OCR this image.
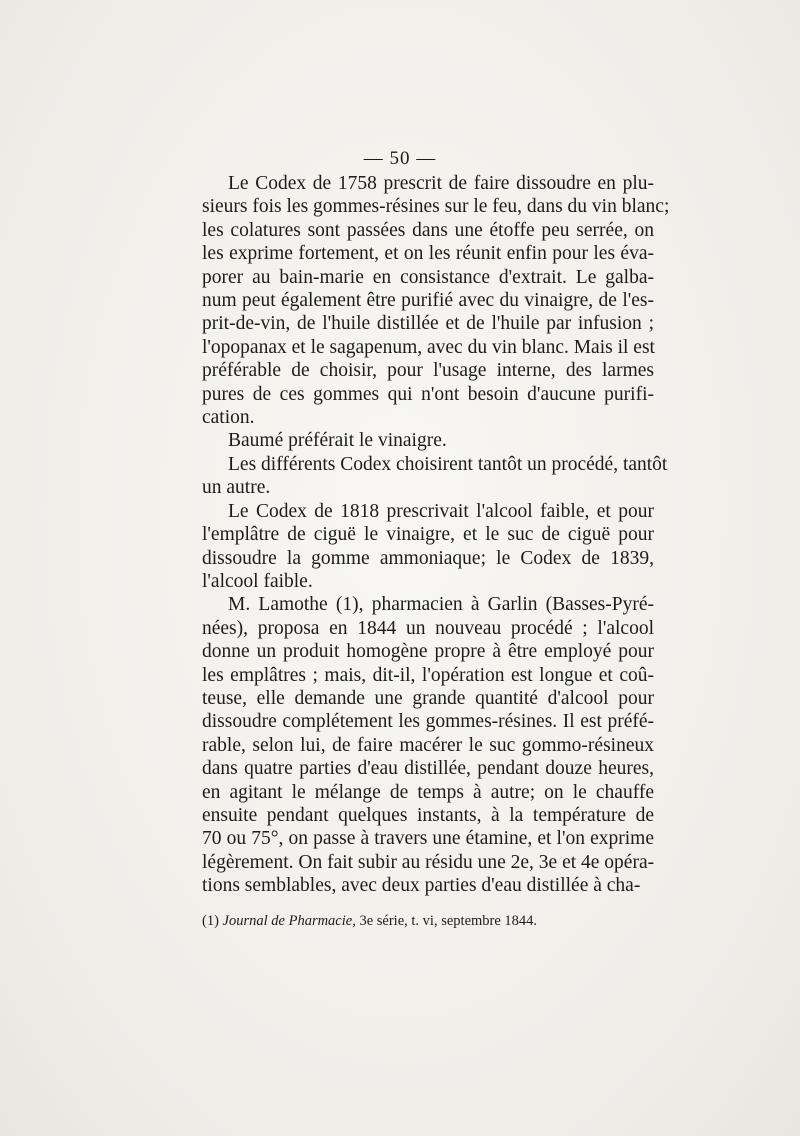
— 50 —
Le Codex de 1758 prescrit de faire dissoudre en plu-
sieurs fois les gommes-résines sur le feu, dans du vin blanc;
les colatures sont passées dans une étoffe peu serrée, on
les exprime fortement, et on les réunit enfin pour les éva-
porer au bain-marie en consistance d'extrait. Le galba-
num peut également être purifié avec du vinaigre, de l'es-
prit-de-vin, de l'huile distillée et de l'huile par infusion ;
l'opopanax et le sagapenum, avec du vin blanc. Mais il est
préférable de choisir, pour l'usage interne, des larmes
pures de ces gommes qui n'ont besoin d'aucune purifi-
cation.
Baumé préférait le vinaigre.
Les différents Codex choisirent tantôt un procédé, tantôt
un autre.
Le Codex de 1818 prescrivait l'alcool faible, et pour
l'emplâtre de ciguë le vinaigre, et le suc de ciguë pour
dissoudre la gomme ammoniaque; le Codex de 1839,
l'alcool faible.
M. Lamothe (1), pharmacien à Garlin (Basses-Pyré-
nées), proposa en 1844 un nouveau procédé ; l'alcool
donne un produit homogène propre à être employé pour
les emplâtres ; mais, dit-il, l'opération est longue et coû-
teuse, elle demande une grande quantité d'alcool pour
dissoudre complétement les gommes-résines. Il est préfé-
rable, selon lui, de faire macérer le suc gommo-résineux
dans quatre parties d'eau distillée, pendant douze heures,
en agitant le mélange de temps à autre; on le chauffe
ensuite pendant quelques instants, à la température de
70 ou 75°, on passe à travers une étamine, et l'on exprime
légèrement. On fait subir au résidu une 2e, 3e et 4e opéra-
tions semblables, avec deux parties d'eau distillée à cha-
(1) Journal de Pharmacie, 3e série, t. vi, septembre 1844.
